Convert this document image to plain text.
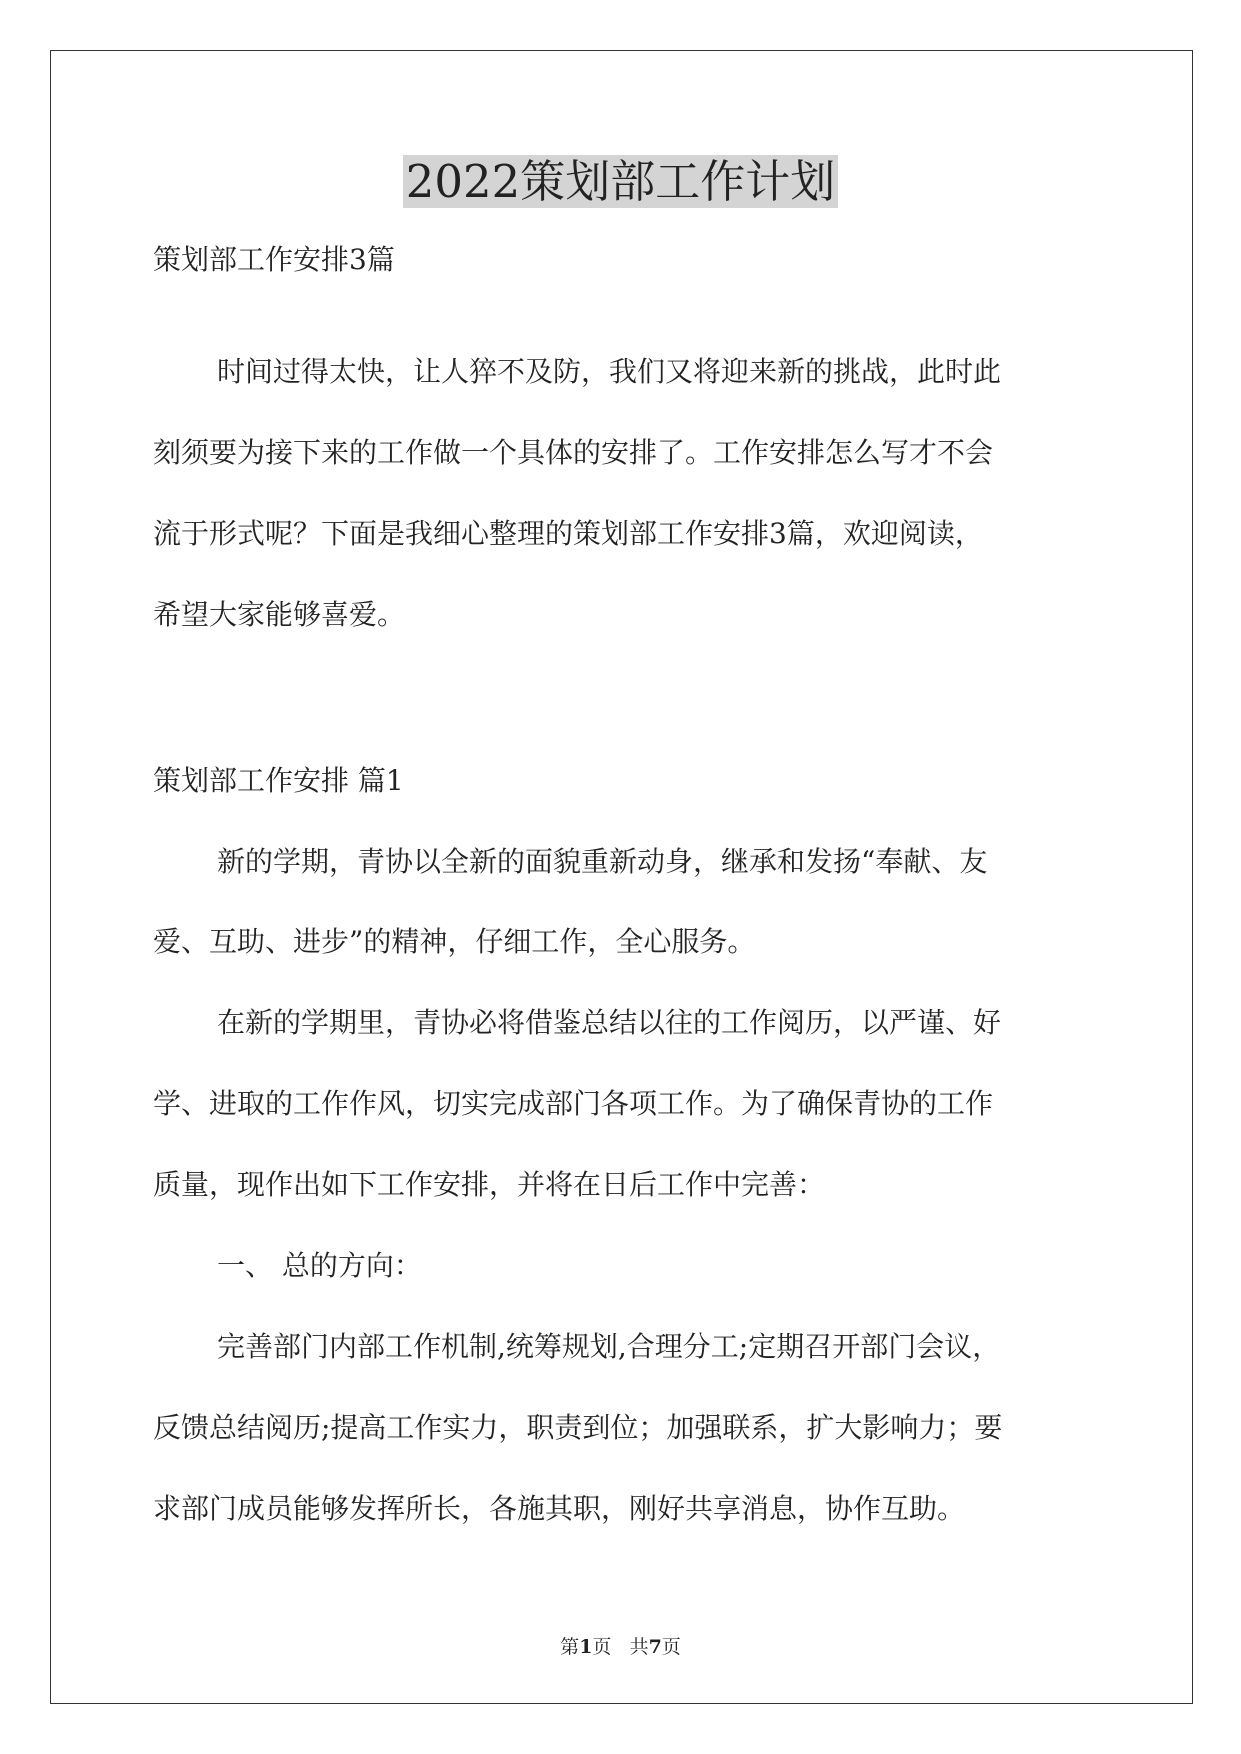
2022策划部工作计划

策划部工作安排3篇

时间过得太快，让人猝不及防，我们又将迎来新的挑战，此时此

刻须要为接下来的工作做一个具体的安排了。工作安排怎么写才不会

流于形式呢？下面是我细心整理的策划部工作安排3篇，欢迎阅读，

希望大家能够喜爱。

策划部工作安排 篇1

新的学期，青协以全新的面貌重新动身，继承和发扬“奉献、友

爱、互助、进步”的精神，仔细工作，全心服务。

在新的学期里，青协必将借鉴总结以往的工作阅历，以严谨、好

学、进取的工作作风，切实完成部门各项工作。为了确保青协的工作

质量，现作出如下工作安排，并将在日后工作中完善：

一、 总的方向：

完善部门内部工作机制,统筹规划,合理分工;定期召开部门会议，

反馈总结阅历;提高工作实力，职责到位；加强联系，扩大影响力；要

求部门成员能够发挥所长，各施其职，刚好共享消息，协作互助。

第1页 共7页
